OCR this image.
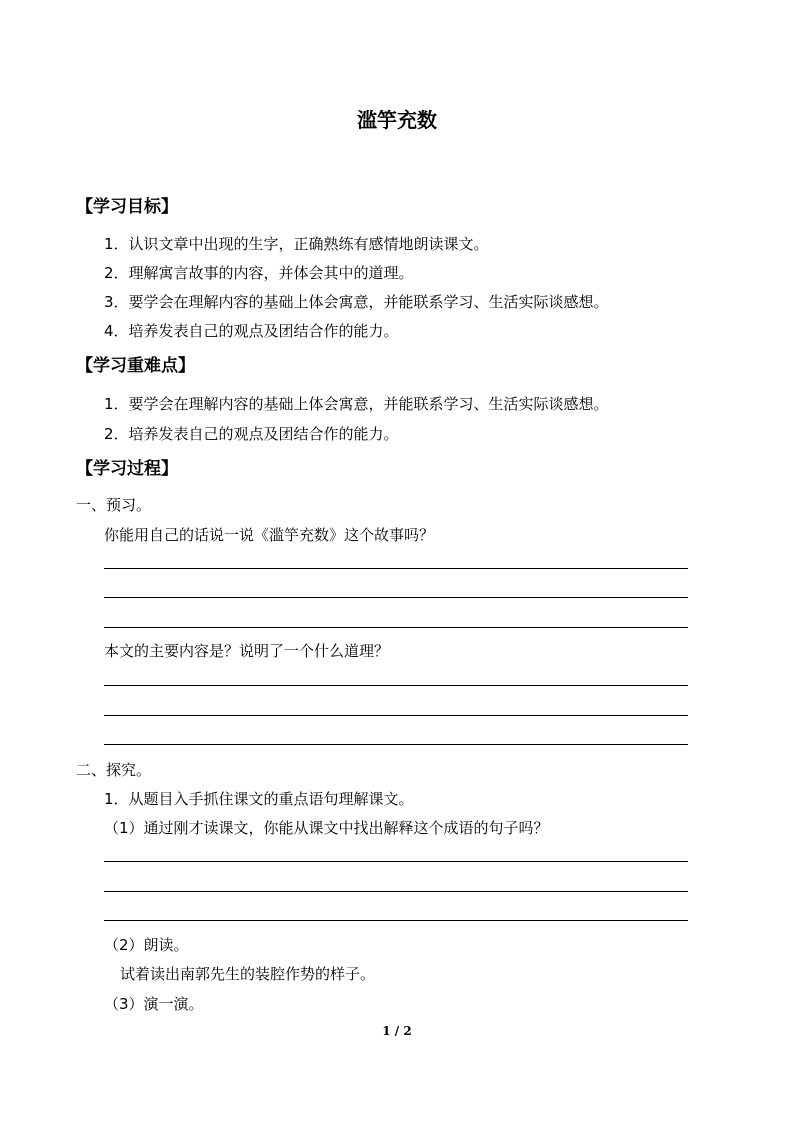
滥竽充数
【学习目标】
1．认识文章中出现的生字，正确熟练有感情地朗读课文。
2．理解寓言故事的内容，并体会其中的道理。
3．要学会在理解内容的基础上体会寓意，并能联系学习、生活实际谈感想。
4．培养发表自己的观点及团结合作的能力。
【学习重难点】
1．要学会在理解内容的基础上体会寓意，并能联系学习、生活实际谈感想。
2．培养发表自己的观点及团结合作的能力。
【学习过程】
一、预习。
你能用自己的话说一说《滥竽充数》这个故事吗？
本文的主要内容是？说明了一个什么道理？
二、探究。
1．从题目入手抓住课文的重点语句理解课文。
（1）通过刚才读课文，你能从课文中找出解释这个成语的句子吗？
（2）朗读。
试着读出南郭先生的装腔作势的样子。
（3）演一演。
1 / 2
